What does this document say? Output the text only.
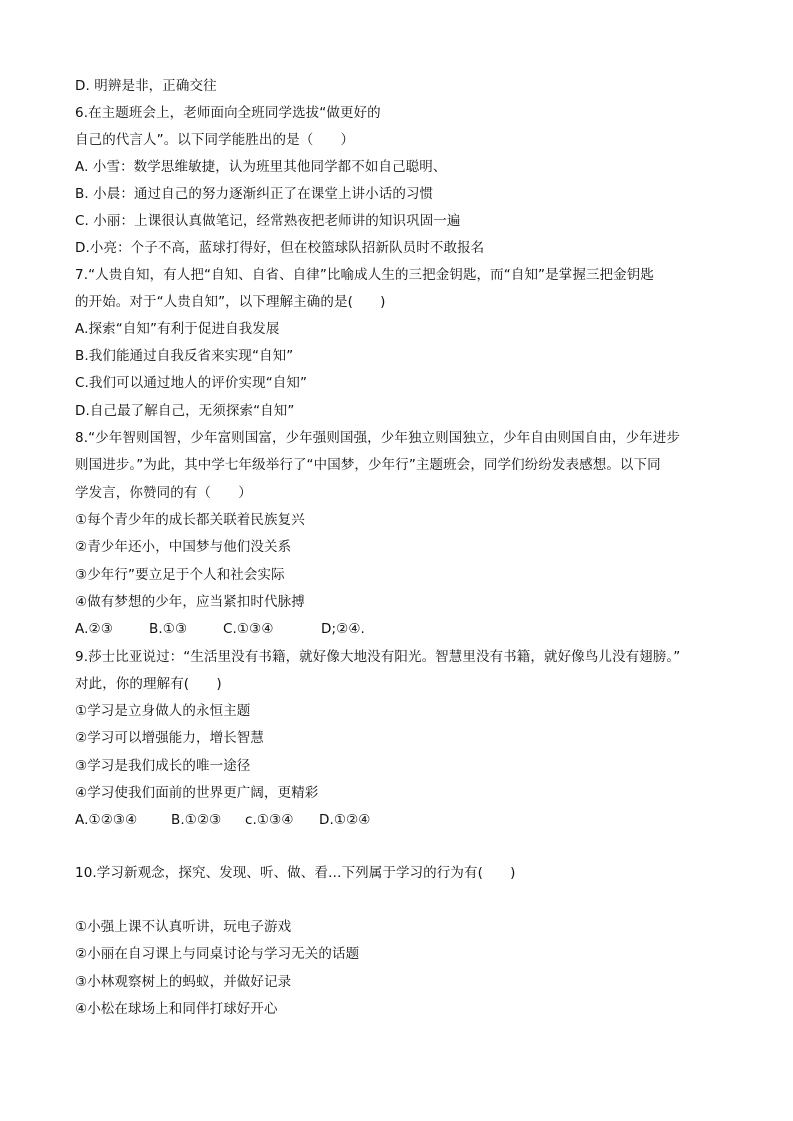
D. 明辨是非，正确交往
6.在主题班会上，老师面向全班同学选拔“做更好的
自己的代言人”。以下同学能胜出的是（　　）
A. 小雪：数学思维敏捷，认为班里其他同学都不如自己聪明、
B. 小晨：通过自己的努力逐渐纠正了在课堂上讲小话的习惯
C. 小丽：上课很认真做笔记，经常熟夜把老师讲的知识巩固一遍
D.小亮：个子不高，蓝球打得好，但在校篮球队招新队员时不敢报名
7.“人贵自知，有人把“自知、自省、自律”比喻成人生的三把金钥匙，而“自知”是掌握三把金钥匙
的开始。对于“人贵自知”，以下理解主确的是(　　)
A.探索“自知”有利于促进自我发展
B.我们能通过自我反省来实现“自知”
C.我们可以通过地人的评价实现“自知”
D.自己最了解自己，无须探索“自知”
8.“少年智则国智，少年富则国富，少年强则国强，少年独立则国独立，少年自由则国自由，少年进步
则国进步。”为此，其中学七年级举行了“中国梦，少年行”主题班会，同学们纷纷发表感想。以下同
学发言，你赞同的有（　　）
①每个青少年的成长都关联着民族复兴
②青少年还小，中国梦与他们没关系
③少年行”要立足于个人和社会实际
④做有梦想的少年，应当紧扣时代脉搏
A.②③	B.①③	C.①③④	D;②④.
9.莎士比亚说过：“生活里没有书籍，就好像大地没有阳光。智慧里没有书籍，就好像鸟儿没有翅膀。”
对此，你的理解有(　　)
①学习是立身做人的永恒主题
②学习可以增强能力，增长智慧
③学习是我们成长的唯一途径
④学习使我们面前的世界更广阔，更精彩
A.①②③④ B.①②③ c.①③④ D.①②④
10.学习新观念，探究、发现、听、做、看…下列属于学习的行为有(　　)
①小强上课不认真听讲，玩电子游戏
②小丽在自习课上与同桌讨论与学习无关的话题
③小林观察树上的蚂蚁，并做好记录
④小松在球场上和同伴打球好开心
